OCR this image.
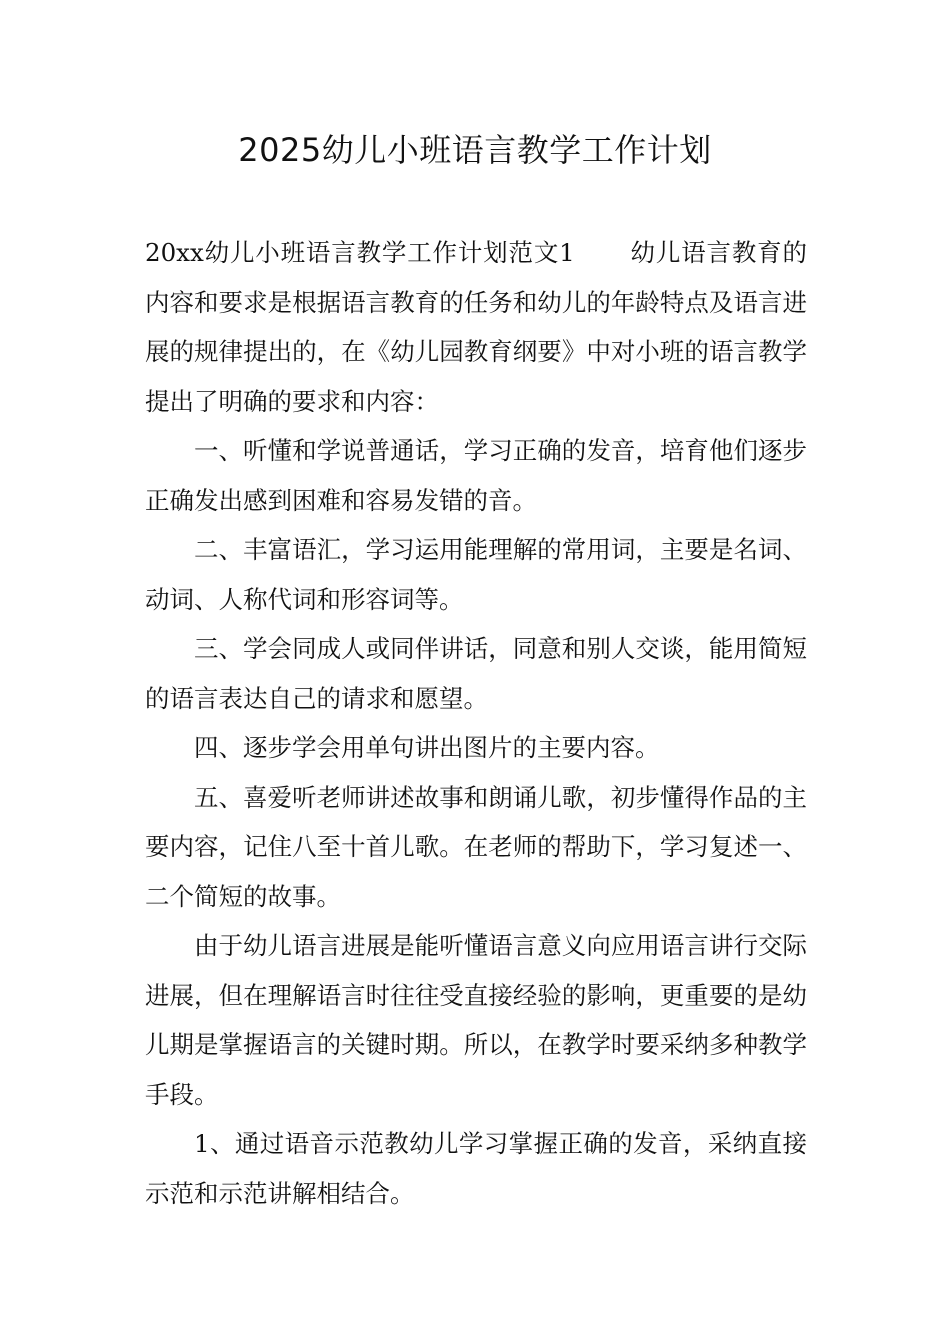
2025幼儿小班语言教学工作计划

20xx幼儿小班语言教学工作计划范文1 幼儿语言教育的内容和要求是根据语言教育的任务和幼儿的年龄特点及语言进展的规律提出的，在《幼儿园教育纲要》中对小班的语言教学提出了明确的要求和内容：

一、听懂和学说普通话，学习正确的发音，培育他们逐步正确发出感到困难和容易发错的音。

二、丰富语汇，学习运用能理解的常用词，主要是名词、动词、人称代词和形容词等。

三、学会同成人或同伴讲话，同意和别人交谈，能用简短的语言表达自己的请求和愿望。

四、逐步学会用单句讲出图片的主要内容。

五、喜爱听老师讲述故事和朗诵儿歌，初步懂得作品的主要内容，记住八至十首儿歌。在老师的帮助下，学习复述一、二个简短的故事。

由于幼儿语言进展是能听懂语言意义向应用语言讲行交际进展，但在理解语言时往往受直接经验的影响，更重要的是幼儿期是掌握语言的关键时期。所以，在教学时要采纳多种教学手段。

1、通过语音示范教幼儿学习掌握正确的发音，采纳直接示范和示范讲解相结合。
